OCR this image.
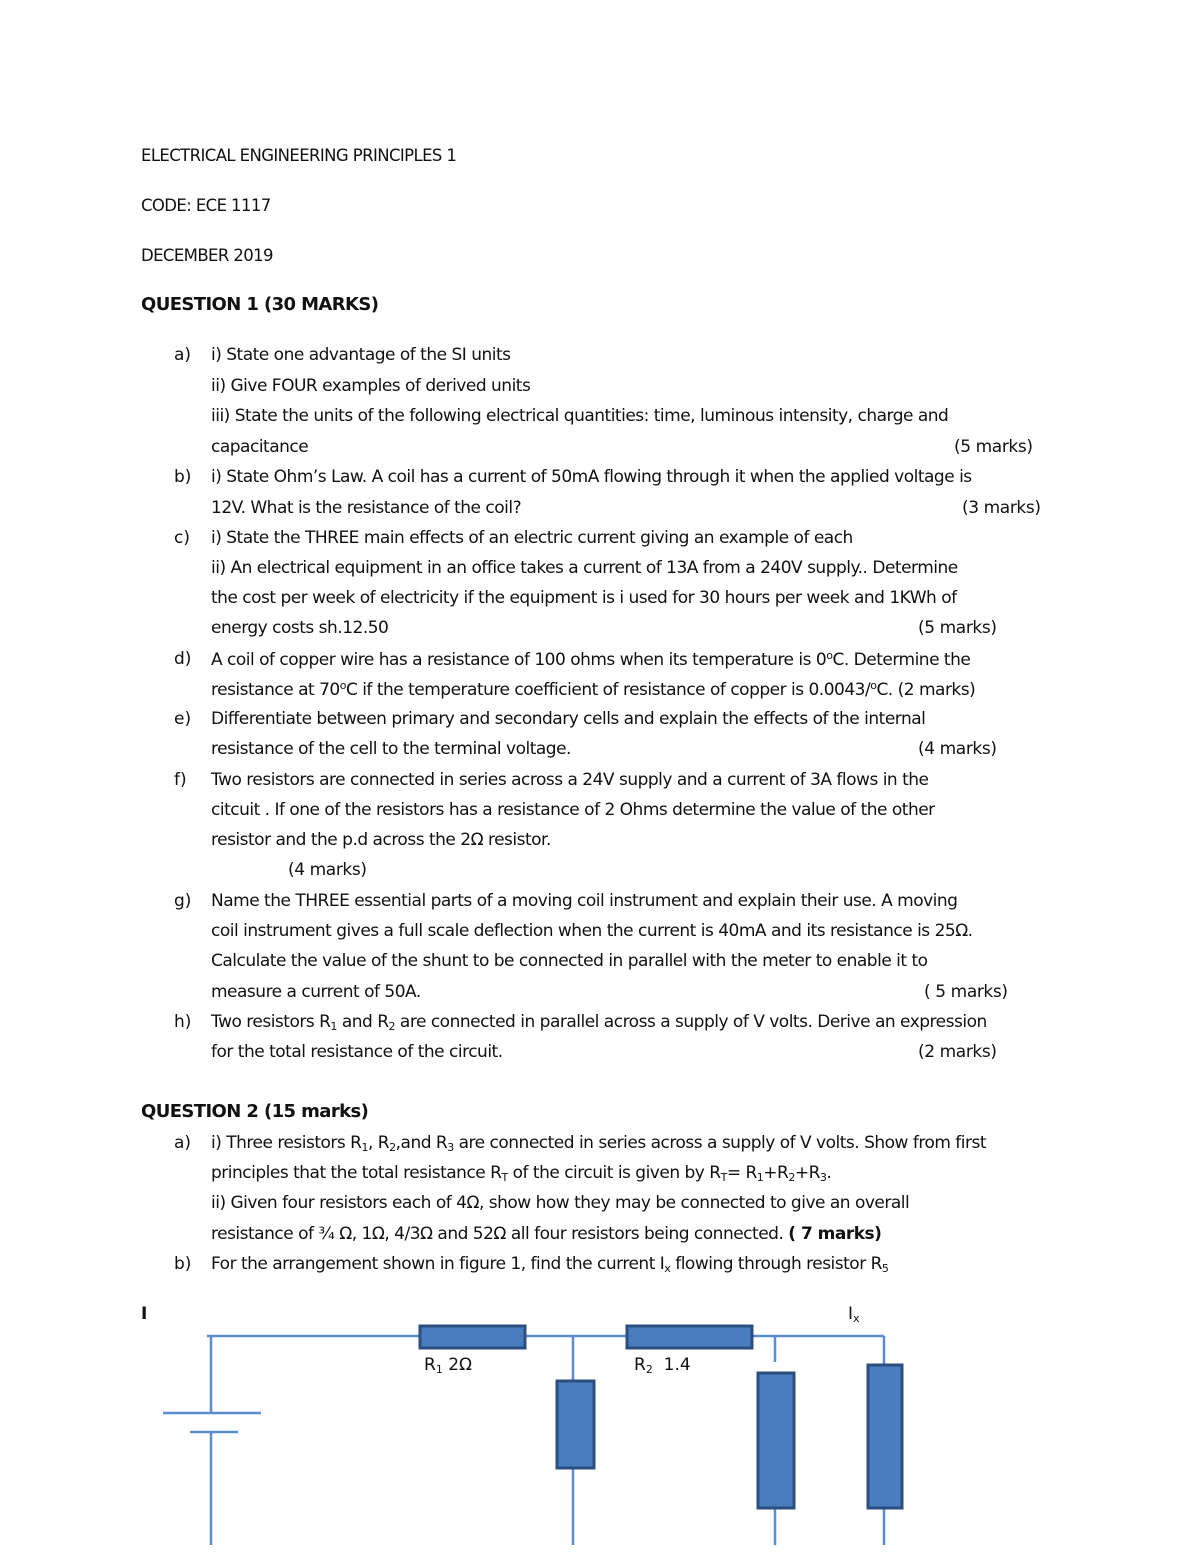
ELECTRICAL ENGINEERING PRINCIPLES 1
CODE: ECE 1117
DECEMBER 2019
QUESTION 1 (30 MARKS)
a) i) State one advantage of the SI units
ii) Give FOUR examples of derived units
iii) State the units of the following electrical quantities: time, luminous intensity, charge and
capacitance	(5 marks)
b) i) State Ohm’s Law. A coil has a current of 50mA flowing through it when the applied voltage is
12V. What is the resistance of the coil?	(3 marks)
c) i) State the THREE main effects of an electric current giving an example of each
ii) An electrical equipment in an office takes a current of 13A from a 240V supply.. Determine
the cost per week of electricity if the equipment is i used for 30 hours per week and 1KWh of
energy costs sh.12.50	(5 marks)
d) A coil of copper wire has a resistance of 100 ohms when its temperature is 0$^o$C. Determine the
resistance at 70$^o$C if the temperature coefficient of resistance of copper is 0.0043/$^o$C. (2 marks)
e) Differentiate between primary and secondary cells and explain the effects of the internal
resistance of the cell to the terminal voltage.	(4 marks)
f) Two resistors are connected in series across a 24V supply and a current of 3A flows in the
citcuit . If one of the resistors has a resistance of 2 Ohms determine the value of the other
resistor and the p.d across the 2Ω resistor.
(4 marks)
g) Name the THREE essential parts of a moving coil instrument and explain their use. A moving
coil instrument gives a full scale deflection when the current is 40mA and its resistance is 25Ω.
Calculate the value of the shunt to be connected in parallel with the meter to enable it to
measure a current of 50A.	( 5 marks)
h) Two resistors $R_1$ and $R_2$ are connected in parallel across a supply of V volts. Derive an expression
for the total resistance of the circuit.	(2 marks)
QUESTION 2 (15 marks)
a) i) Three resistors $R_1$, $R_2,and$ $R_3$ are connected in series across a supply of V volts. Show from first
principles that the total resistance $R_T$ of the circuit is given by $R_T= R_1+R_2+R_3$.
ii) Given four resistors each of 4Ω, show how they may be connected to give an overall
resistance of ¾ Ω, 1Ω, 4/3Ω and 52Ω all four resistors being connected. ( 7 marks)
b) For the arrangement shown in figure 1, find the current $I_x$ flowing through resistor $R_5$
I	$I_x$
$R_1$ 2Ω	$R_2$ 1.4
